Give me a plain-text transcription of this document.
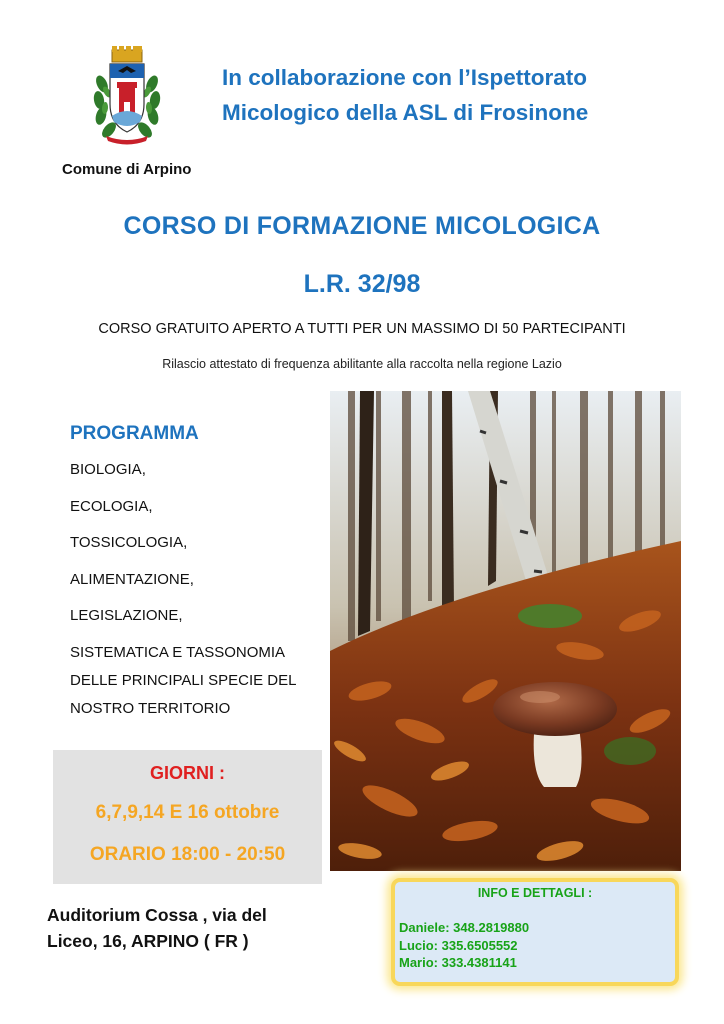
Comune di Arpino
In collaborazione con l’Ispettorato
Micologico della ASL di Frosinone
CORSO DI FORMAZIONE MICOLOGICA
L.R. 32/98
CORSO GRATUITO APERTO A TUTTI PER UN MASSIMO DI 50 PARTECIPANTI
Rilascio attestato di frequenza abilitante alla raccolta nella regione Lazio
PROGRAMMA
BIOLOGIA,
ECOLOGIA,
TOSSICOLOGIA,
ALIMENTAZIONE,
LEGISLAZIONE,
SISTEMATICA E TASSONOMIA
DELLE PRINCIPALI SPECIE DEL
NOSTRO TERRITORIO
GIORNI :
6,7,9,14 E 16 ottobre
ORARIO 18:00 - 20:50
Auditorium Cossa , via del
Liceo, 16, ARPINO ( FR )
INFO E DETTAGLI :
Daniele: 348.2819880
Lucio: 335.6505552
Mario: 333.4381141
